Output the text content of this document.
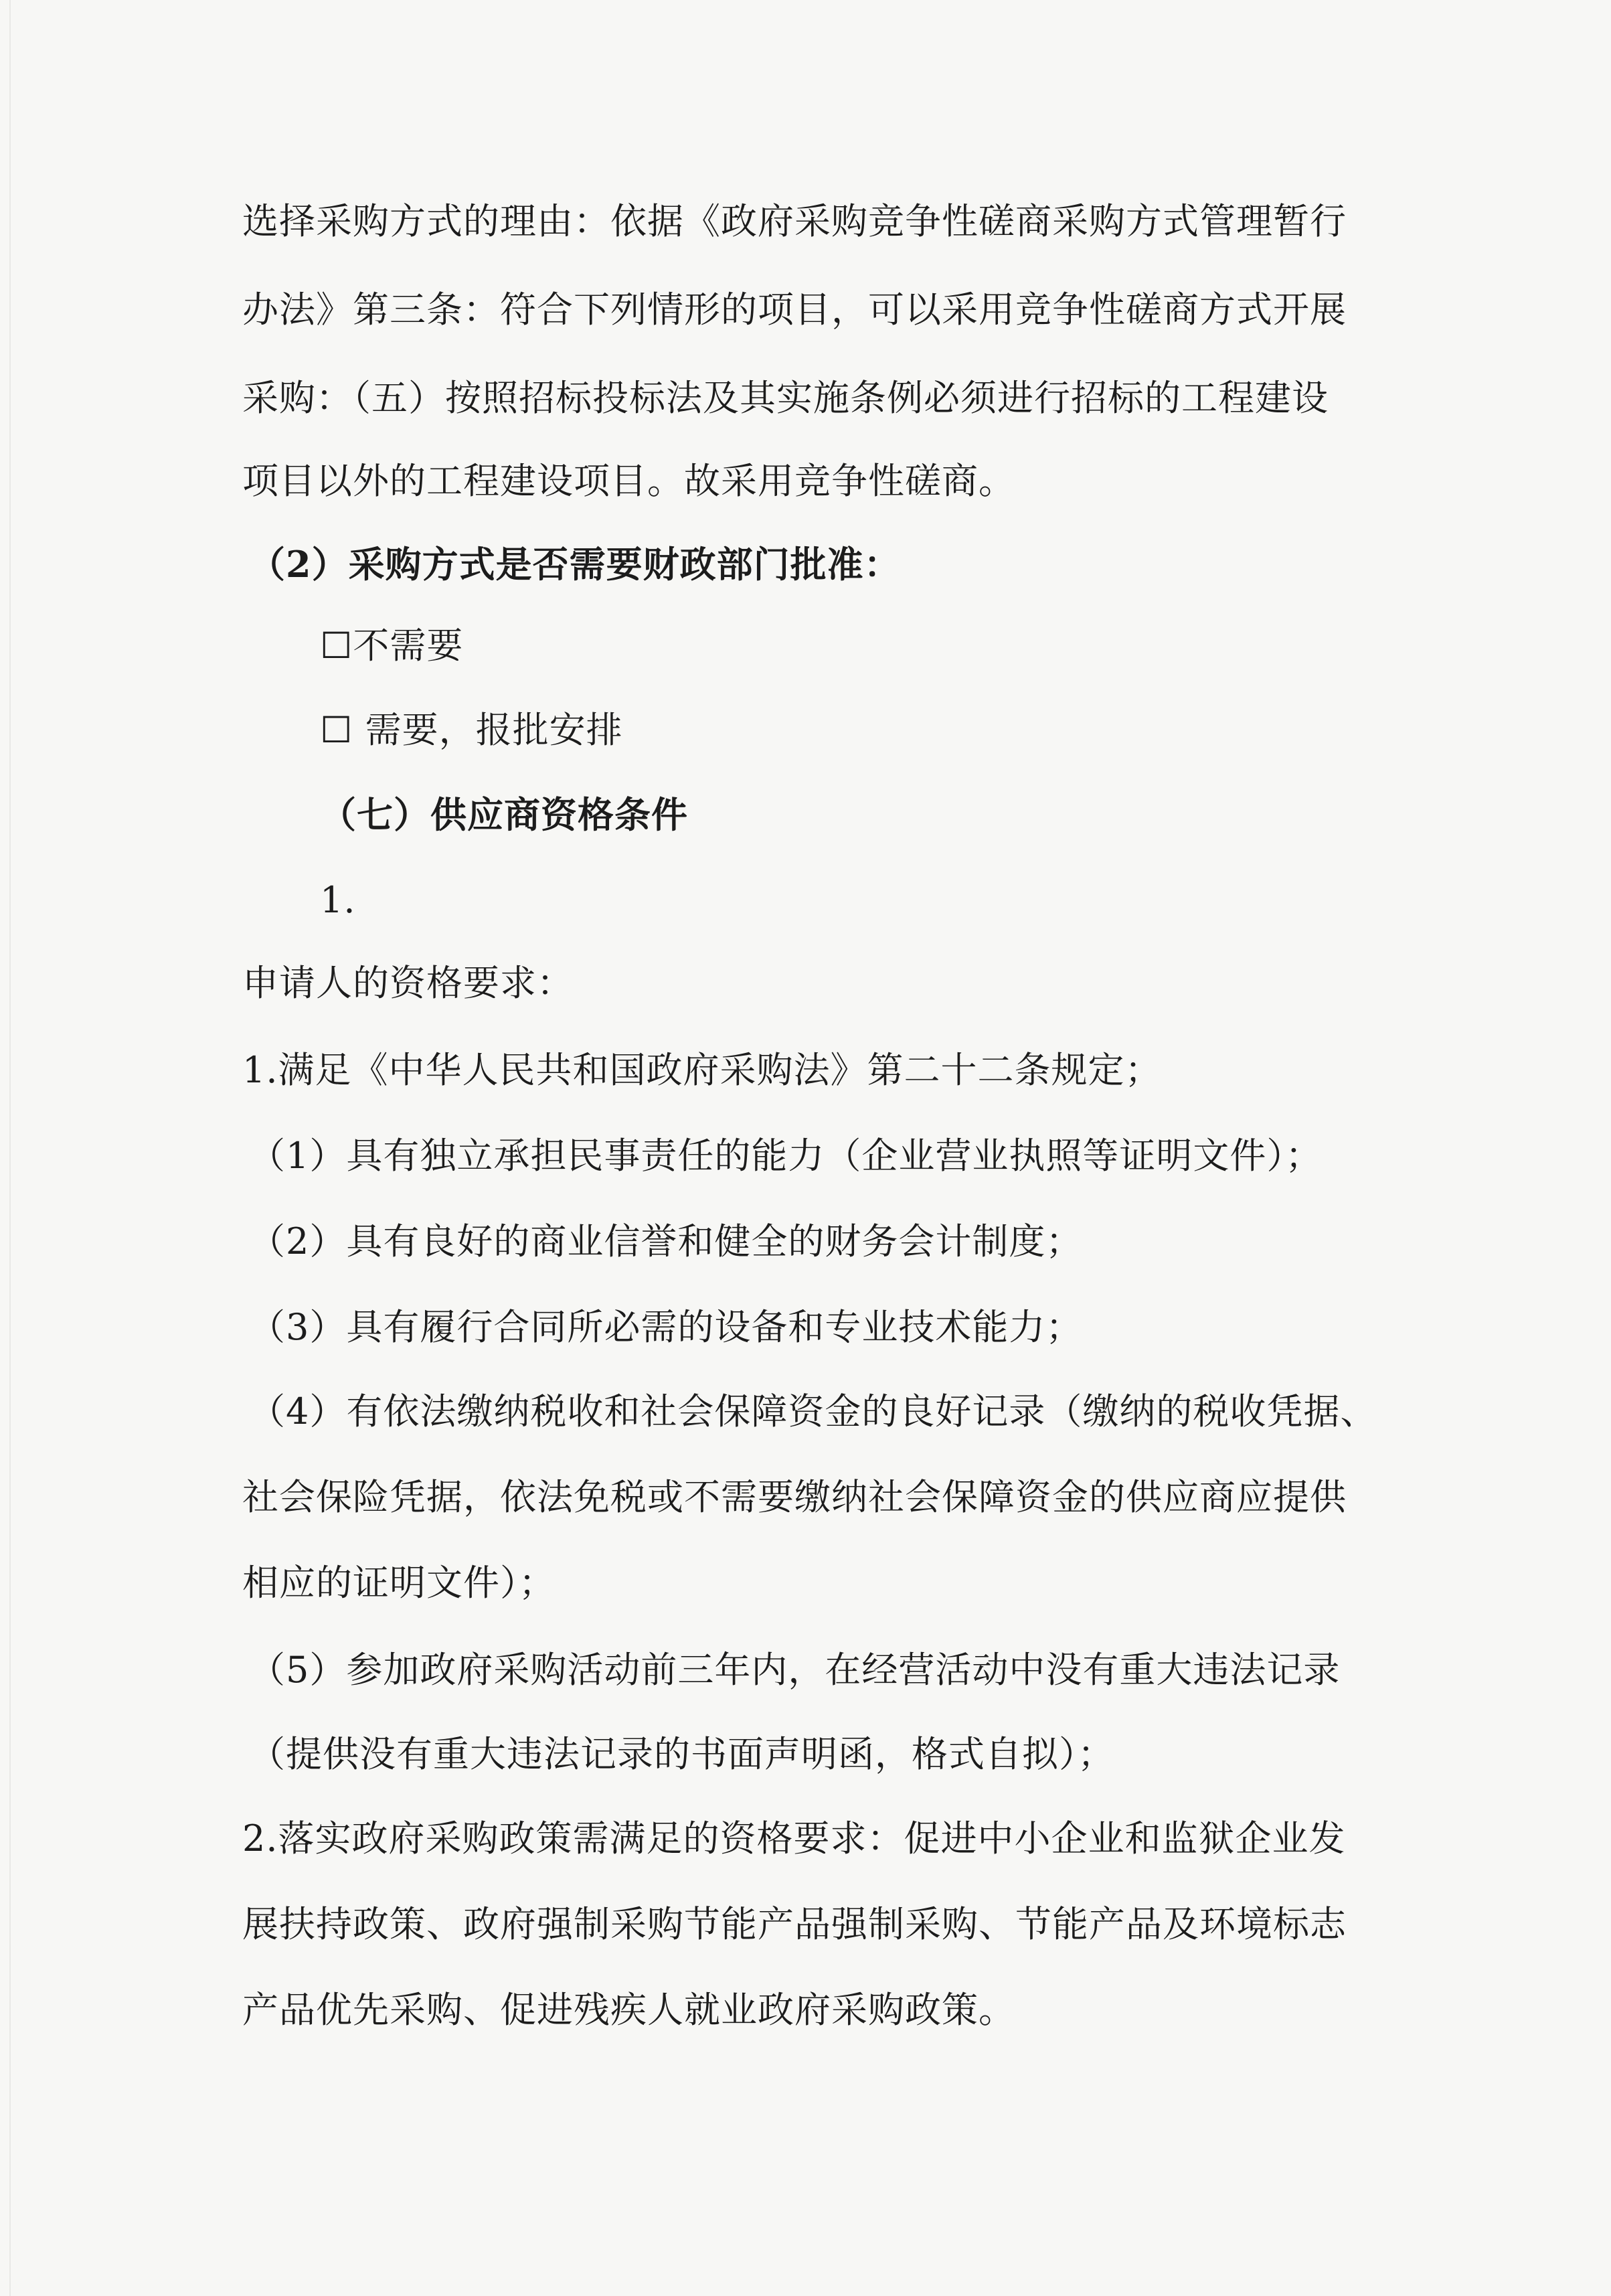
选择采购方式的理由：依据《政府采购竞争性磋商采购方式管理暂行
办法》第三条：符合下列情形的项目，可以采用竞争性磋商方式开展
采购：（五）按照招标投标法及其实施条例必须进行招标的工程建设
项目以外的工程建设项目。故采用竞争性磋商。
（2）采购方式是否需要财政部门批准：
☐不需要
☐ 需要，报批安排
（七）供应商资格条件
1.
申请人的资格要求：
1.满足《中华人民共和国政府采购法》第二十二条规定；
（1）具有独立承担民事责任的能力（企业营业执照等证明文件）；
（2）具有良好的商业信誉和健全的财务会计制度；
（3）具有履行合同所必需的设备和专业技术能力；
（4）有依法缴纳税收和社会保障资金的良好记录（缴纳的税收凭据、
社会保险凭据，依法免税或不需要缴纳社会保障资金的供应商应提供
相应的证明文件）；
（5）参加政府采购活动前三年内，在经营活动中没有重大违法记录
（提供没有重大违法记录的书面声明函，格式自拟）；
2.落实政府采购政策需满足的资格要求：促进中小企业和监狱企业发
展扶持政策、政府强制采购节能产品强制采购、节能产品及环境标志
产品优先采购、促进残疾人就业政府采购政策。
